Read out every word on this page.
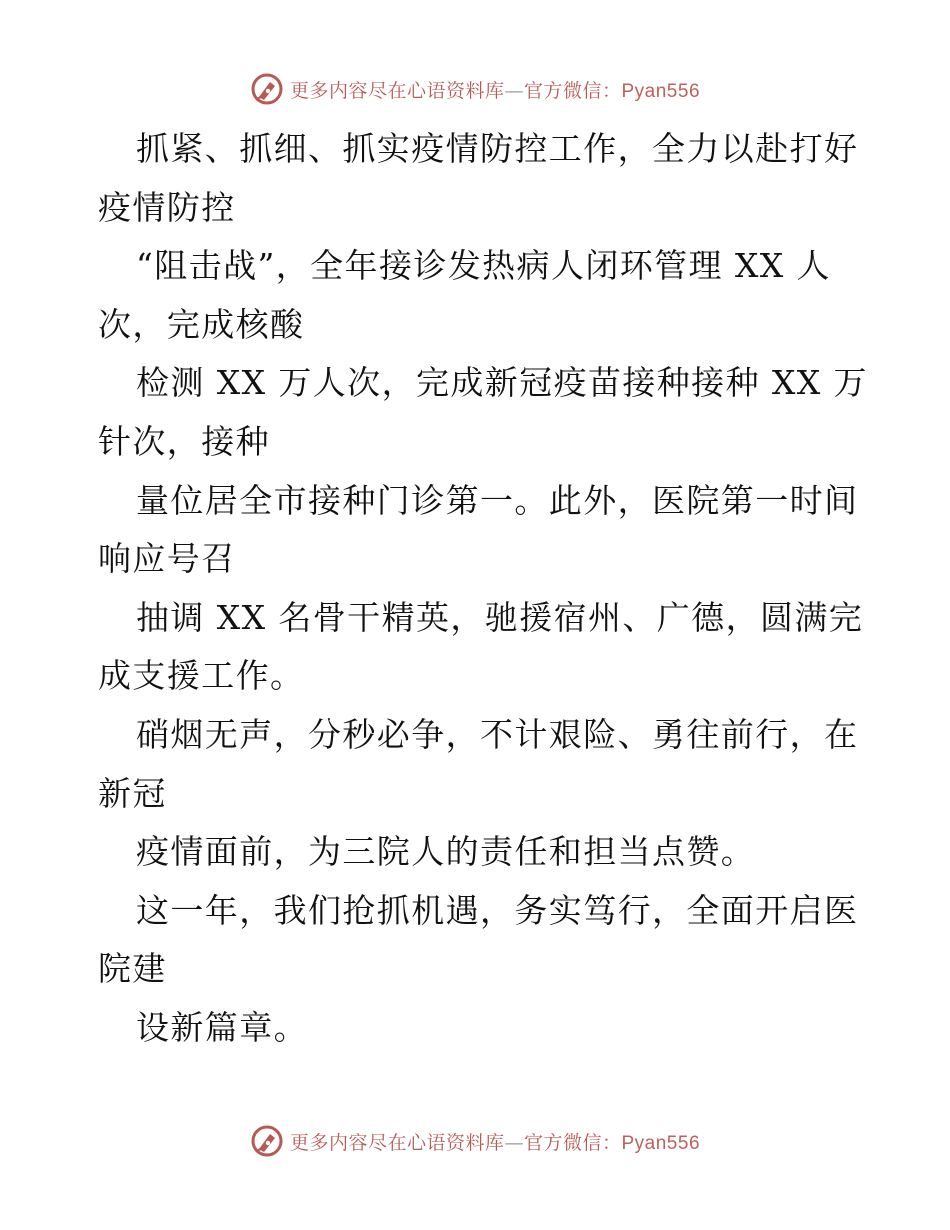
更多内容尽在心语资料库—官方微信：Pyan556
抓紧、抓细、抓实疫情防控工作，全力以赴打好
疫情防控
“阻击战”，全年接诊发热病人闭环管理 XX 人
次，完成核酸
检测 XX 万人次，完成新冠疫苗接种接种 XX 万
针次，接种
量位居全市接种门诊第一。此外，医院第一时间
响应号召
抽调 XX 名骨干精英，驰援宿州、广德，圆满完
成支援工作。
硝烟无声，分秒必争，不计艰险、勇往前行，在
新冠
疫情面前，为三院人的责任和担当点赞。
这一年，我们抢抓机遇，务实笃行，全面开启医
院建
设新篇章。
更多内容尽在心语资料库—官方微信：Pyan556
